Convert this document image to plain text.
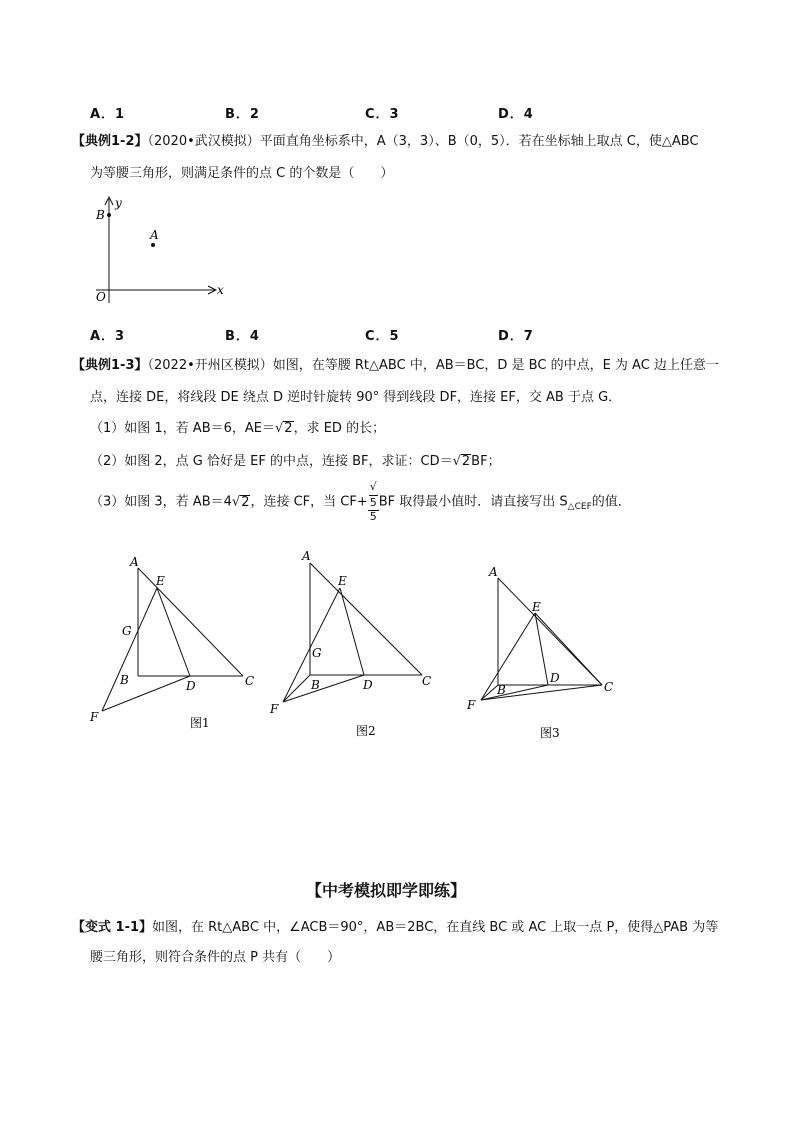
A．1	B．2	C．3	D．4
【典例1-2】（2020•武汉模拟）平面直角坐标系中，A（3，3）、B（0，5）．若在坐标轴上取点 C，使△ABC
为等腰三角形，则满足条件的点 C 的个数是（　　）
y
x
O
B
A
A．3	B．4	C．5	D．7
【典例1-3】（2022•开州区模拟）如图，在等腰 Rt△ABC 中，AB＝BC，D 是 BC 的中点，E 为 AC 边上任意一
点，连接 DE，将线段 DE 绕点 D 逆时针旋转 90° 得到线段 DF，连接 EF，交 AB 于点 G．
（1）如图 1，若 AB＝6，AE＝√2，求 ED 的长；
（2）如图 2，点 G 恰好是 EF 的中点，连接 BF，求证：CD＝√2BF；
（3）如图 3，若 AB＝4√2，连接 CF，当 CF+ √
5
5 BF 取得最小值时．请直接写出 $S_{\triangle CEF}$的值．
A
E
G
B	D	C
F	图1
A
E
G
B	D	C
F
图2
A
E
B
D
C
F
图3
【中考模拟即学即练】
【变式 1-1】如图，在 Rt△ABC 中，∠ACB＝90°，AB＝2BC，在直线 BC 或 AC 上取一点 P，使得△PAB 为等
腰三角形，则符合条件的点 P 共有（　　）
